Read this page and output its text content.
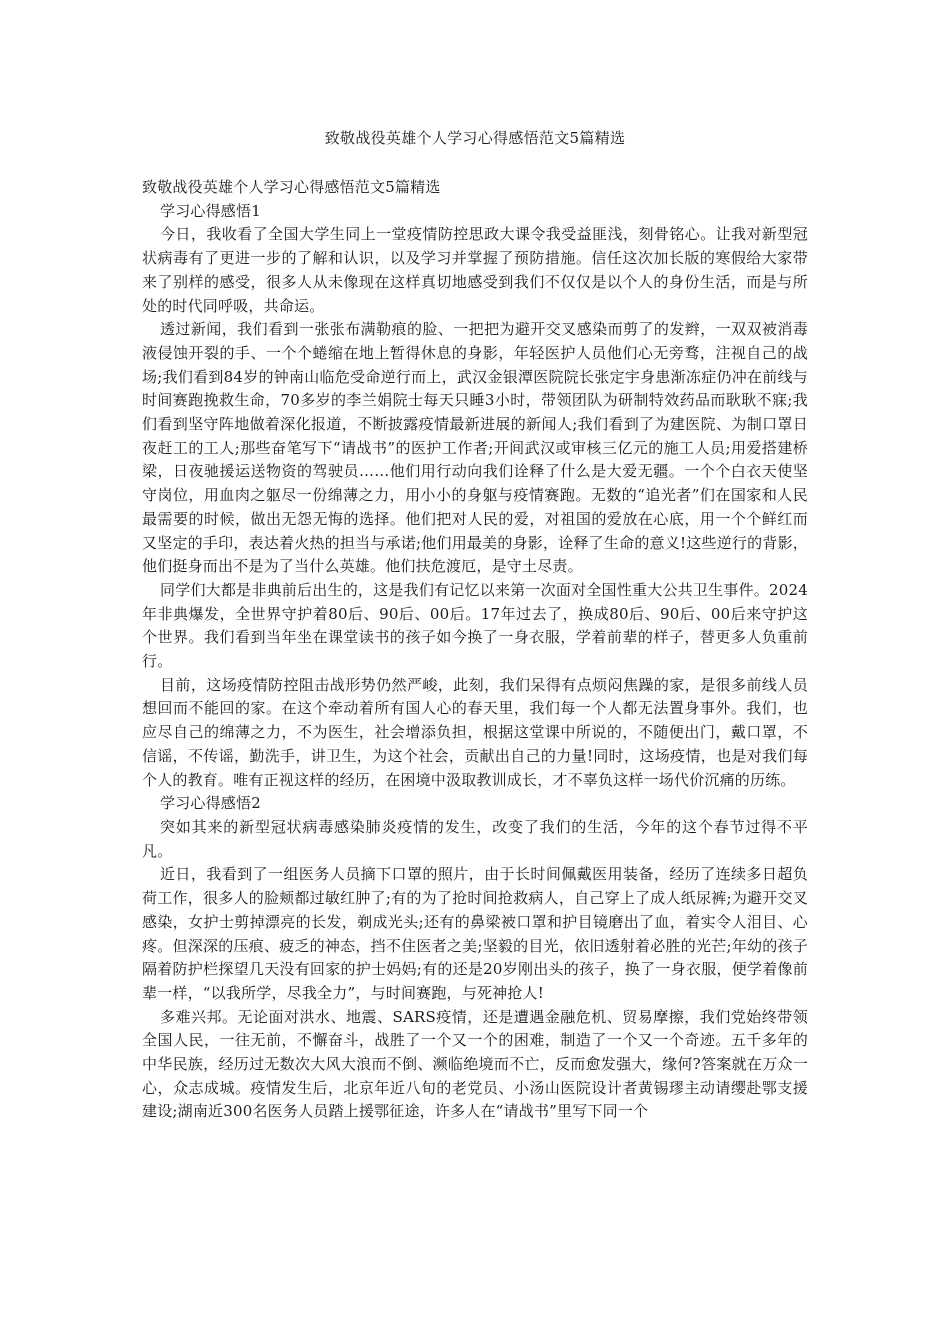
致敬战役英雄个人学习心得感悟范文5篇精选

致敬战役英雄个人学习心得感悟范文5篇精选

学习心得感悟1

今日，我收看了全国大学生同上一堂疫情防控思政大课令我受益匪浅，刻骨铭心。让我对新型冠状病毒有了更进一步的了解和认识，以及学习并掌握了预防措施。信任这次加长版的寒假给大家带来了别样的感受，很多人从未像现在这样真切地感受到我们不仅仅是以个人的身份生活，而是与所处的时代同呼吸，共命运。

透过新闻，我们看到一张张布满勒痕的脸、一把把为避开交叉感染而剪了的发辫，一双双被消毒液侵蚀开裂的手、一个个蜷缩在地上暂得休息的身影，年轻医护人员他们心无旁骛，注视自己的战场;我们看到84岁的钟南山临危受命逆行而上，武汉金银潭医院院长张定宇身患渐冻症仍冲在前线与时间赛跑挽救生命，70多岁的李兰娟院士每天只睡3小时，带领团队为研制特效药品而耿耿不寐;我们看到坚守阵地做着深化报道，不断披露疫情最新进展的新闻人;我们看到了为建医院、为制口罩日夜赶工的工人;那些奋笔写下“请战书”的医护工作者;开间武汉或审核三亿元的施工人员;用爱搭建桥梁，日夜驰援运送物资的驾驶员……他们用行动向我们诠释了什么是大爱无疆。一个个白衣天使坚守岗位，用血肉之躯尽一份绵薄之力，用小小的身躯与疫情赛跑。无数的“追光者”们在国家和人民最需要的时候，做出无怨无悔的选择。他们把对人民的爱，对祖国的爱放在心底，用一个个鲜红而又坚定的手印，表达着火热的担当与承诺;他们用最美的身影，诠释了生命的意义!这些逆行的背影，他们挺身而出不是为了当什么英雄。他们扶危渡厄，是守土尽责。

同学们大都是非典前后出生的，这是我们有记忆以来第一次面对全国性重大公共卫生事件。2024年非典爆发，全世界守护着80后、90后、00后。17年过去了，换成80后、90后、00后来守护这个世界。我们看到当年坐在课堂读书的孩子如今换了一身衣服，学着前辈的样子，替更多人负重前行。

目前，这场疫情防控阻击战形势仍然严峻，此刻，我们呆得有点烦闷焦躁的家，是很多前线人员想回而不能回的家。在这个牵动着所有国人心的春天里，我们每一个人都无法置身事外。我们，也应尽自己的绵薄之力，不为医生，社会增添负担，根据这堂课中所说的，不随便出门，戴口罩，不信谣，不传谣，勤洗手，讲卫生，为这个社会，贡献出自己的力量!同时，这场疫情，也是对我们每个人的教育。唯有正视这样的经历，在困境中汲取教训成长，才不辜负这样一场代价沉痛的历练。

学习心得感悟2

突如其来的新型冠状病毒感染肺炎疫情的发生，改变了我们的生活，今年的这个春节过得不平凡。

近日，我看到了一组医务人员摘下口罩的照片，由于长时间佩戴医用装备，经历了连续多日超负荷工作，很多人的脸颊都过敏红肿了;有的为了抢时间抢救病人，自己穿上了成人纸尿裤;为避开交叉感染，女护士剪掉漂亮的长发，剃成光头;还有的鼻梁被口罩和护目镜磨出了血，着实令人泪目、心疼。但深深的压痕、疲乏的神态，挡不住医者之美;坚毅的目光，依旧透射着必胜的光芒;年幼的孩子隔着防护栏探望几天没有回家的护士妈妈;有的还是20岁刚出头的孩子，换了一身衣服，便学着像前辈一样，“以我所学，尽我全力”，与时间赛跑，与死神抢人!

多难兴邦。无论面对洪水、地震、SARS疫情，还是遭遇金融危机、贸易摩擦，我们党始终带领全国人民，一往无前，不懈奋斗，战胜了一个又一个的困难，制造了一个又一个奇迹。五千多年的中华民族，经历过无数次大风大浪而不倒、濒临绝境而不亡，反而愈发强大，缘何?答案就在万众一心，众志成城。疫情发生后，北京年近八旬的老党员、小汤山医院设计者黄锡璆主动请缨赴鄂支援建设;湖南近300名医务人员踏上援鄂征途，许多人在“请战书”里写下同一个
